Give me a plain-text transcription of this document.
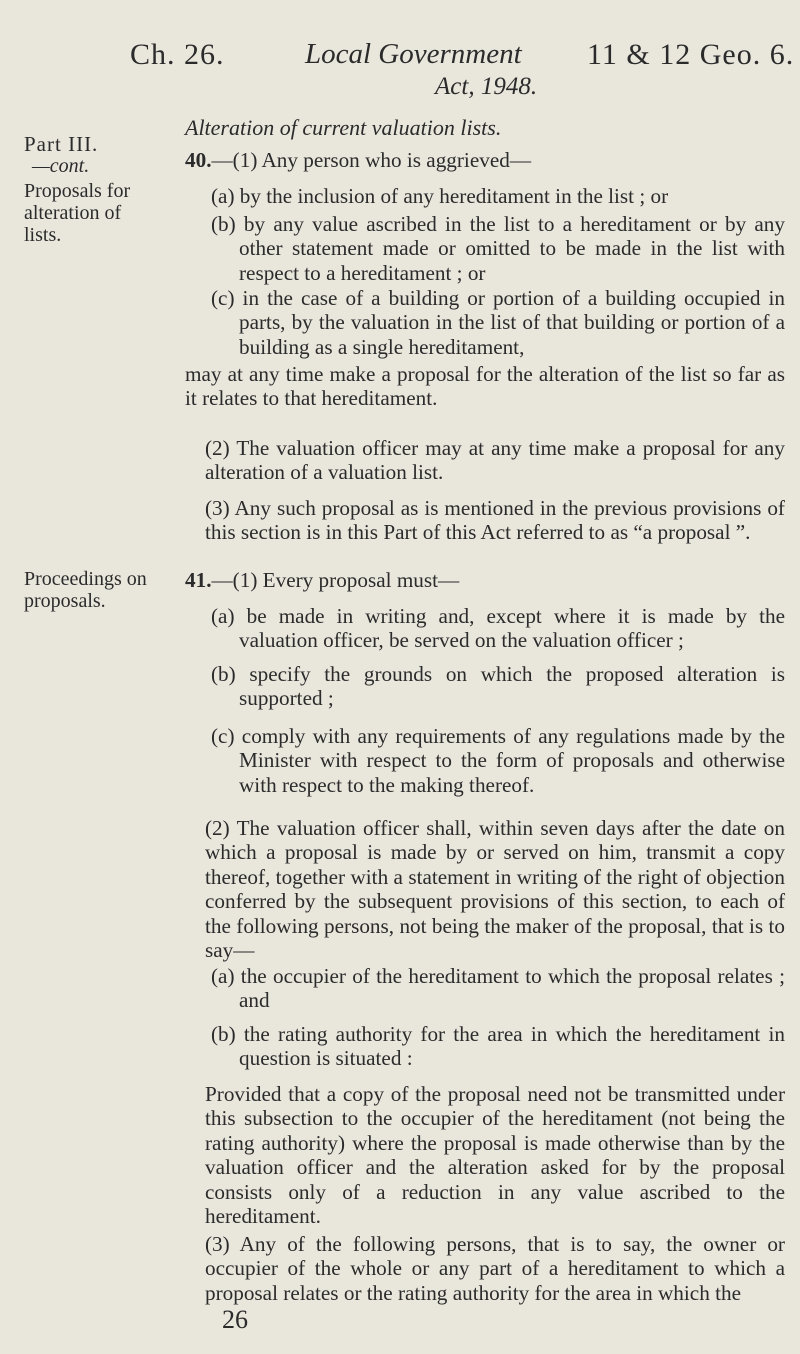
Ch. 26.	Local Government 11 & 12 Geo. 6.
Act, 1948.
Part III.
—cont.
Proposals for alteration of lists.
Proceedings on proposals.
Alteration of current valuation lists.
40.—(1) Any person who is aggrieved—
(a) by the inclusion of any hereditament in the list ; or
(b) by any value ascribed in the list to a hereditament or by any other statement made or omitted to be made in the list with respect to a hereditament ; or
(c) in the case of a building or portion of a building occupied in parts, by the valuation in the list of that building or portion of a building as a single hereditament,
may at any time make a proposal for the alteration of the list so far as it relates to that hereditament.
(2) The valuation officer may at any time make a proposal for any alteration of a valuation list.
(3) Any such proposal as is mentioned in the previous provisions of this section is in this Part of this Act referred to as “a proposal ”.
41.—(1) Every proposal must—
(a) be made in writing and, except where it is made by the valuation officer, be served on the valuation officer ;
(b) specify the grounds on which the proposed alteration is supported ;
(c) comply with any requirements of any regulations made by the Minister with respect to the form of proposals and otherwise with respect to the making thereof.
(2) The valuation officer shall, within seven days after the date on which a proposal is made by or served on him, transmit a copy thereof, together with a statement in writing of the right of objection conferred by the subsequent provisions of this section, to each of the following persons, not being the maker of the proposal, that is to say—
(a) the occupier of the hereditament to which the proposal relates ; and
(b) the rating authority for the area in which the hereditament in question is situated :
Provided that a copy of the proposal need not be transmitted under this subsection to the occupier of the hereditament (not being the rating authority) where the proposal is made otherwise than by the valuation officer and the alteration asked for by the proposal consists only of a reduction in any value ascribed to the hereditament.
(3) Any of the following persons, that is to say, the owner or occupier of the whole or any part of a hereditament to which a proposal relates or the rating authority for the area in which the
26
